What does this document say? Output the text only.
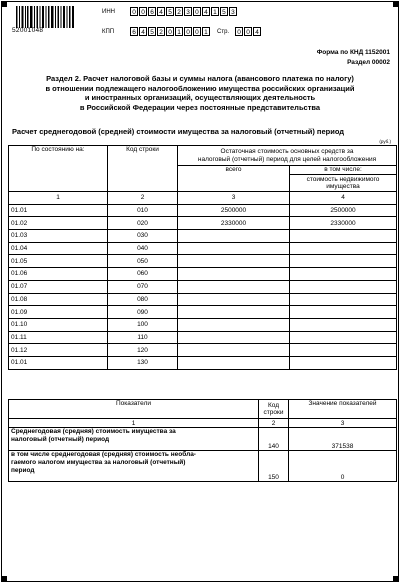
52001048
ИНН	0 0 6 4 5 2 3 0 4 1 5 3
КПП	6 4 5 2 0 1 0 0 1	Стр.	0 0 4
Форма по КНД 1152001
Раздел 00002
Раздел 2. Расчет налоговой базы и суммы налога (авансового платежа по налогу)
в отношении подлежащего налогообложению имущества российских организаций
и иностранных организаций, осуществляющих деятельность
в Российской Федерации через постоянные представительства
Расчет среднегодовой (средней) стоимости имущества за налоговый (отчетный) период
(руб.)
По состоянию на:	Код строки	Остаточная стоимость основных средств за
налоговый (отчетный) период для целей налогообложения	

		всего	в том числе:

			стоимость недвижимого
имущества

1	2	3	4
01.01	010	2500000	2500000
01.02	020	2330000	2330000
01.03	030		
01.04	040		
01.05	050		
01.06	060		
01.07	070		
01.08	080		
01.09	090		
01.10	100		
01.11	110		
01.12	120		
01.01	130		
Показатели	Код
строки	Значение показателей
1	2	3

Среднегодовая (средняя) стоимость имущества за
налоговый (отчетный) период	140	371538

в том числе среднегодовая (средняя) стоимость необла-
гаемого налогом имущества за налоговый (отчетный)
период	150	0
